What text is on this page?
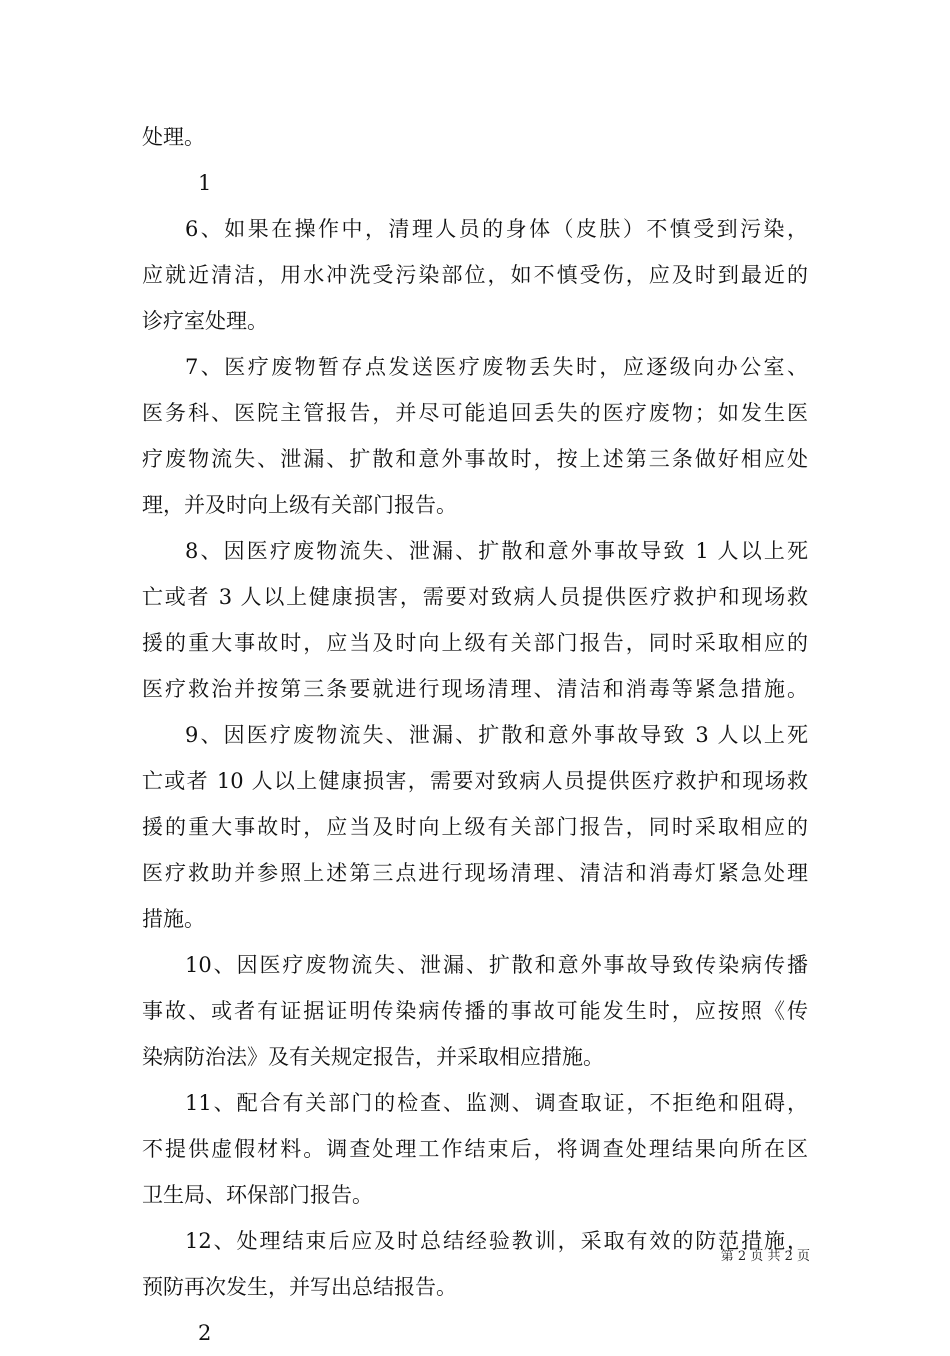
处理。
1
6、如果在操作中，清理人员的身体（皮肤）不慎受到污染，
应就近清洁，用水冲洗受污染部位，如不慎受伤，应及时到最近的
诊疗室处理。
7、医疗废物暂存点发送医疗废物丢失时，应逐级向办公室、
医务科、医院主管报告，并尽可能追回丢失的医疗废物；如发生医
疗废物流失、泄漏、扩散和意外事故时，按上述第三条做好相应处
理，并及时向上级有关部门报告。
8、因医疗废物流失、泄漏、扩散和意外事故导致 1 人以上死
亡或者 3 人以上健康损害，需要对致病人员提供医疗救护和现场救
援的重大事故时，应当及时向上级有关部门报告，同时采取相应的
医疗救治并按第三条要就进行现场清理、清洁和消毒等紧急措施。
9、因医疗废物流失、泄漏、扩散和意外事故导致 3 人以上死
亡或者 10 人以上健康损害，需要对致病人员提供医疗救护和现场救
援的重大事故时，应当及时向上级有关部门报告，同时采取相应的
医疗救助并参照上述第三点进行现场清理、清洁和消毒灯紧急处理
措施。
10、因医疗废物流失、泄漏、扩散和意外事故导致传染病传播
事故、或者有证据证明传染病传播的事故可能发生时，应按照《传
染病防治法》及有关规定报告，并采取相应措施。
11、配合有关部门的检查、监测、调查取证，不拒绝和阻碍，
不提供虚假材料。调查处理工作结束后，将调查处理结果向所在区
卫生局、环保部门报告。
12、处理结束后应及时总结经验教训，采取有效的防范措施，
预防再次发生，并写出总结报告。
2
第 2 页 共 2 页
